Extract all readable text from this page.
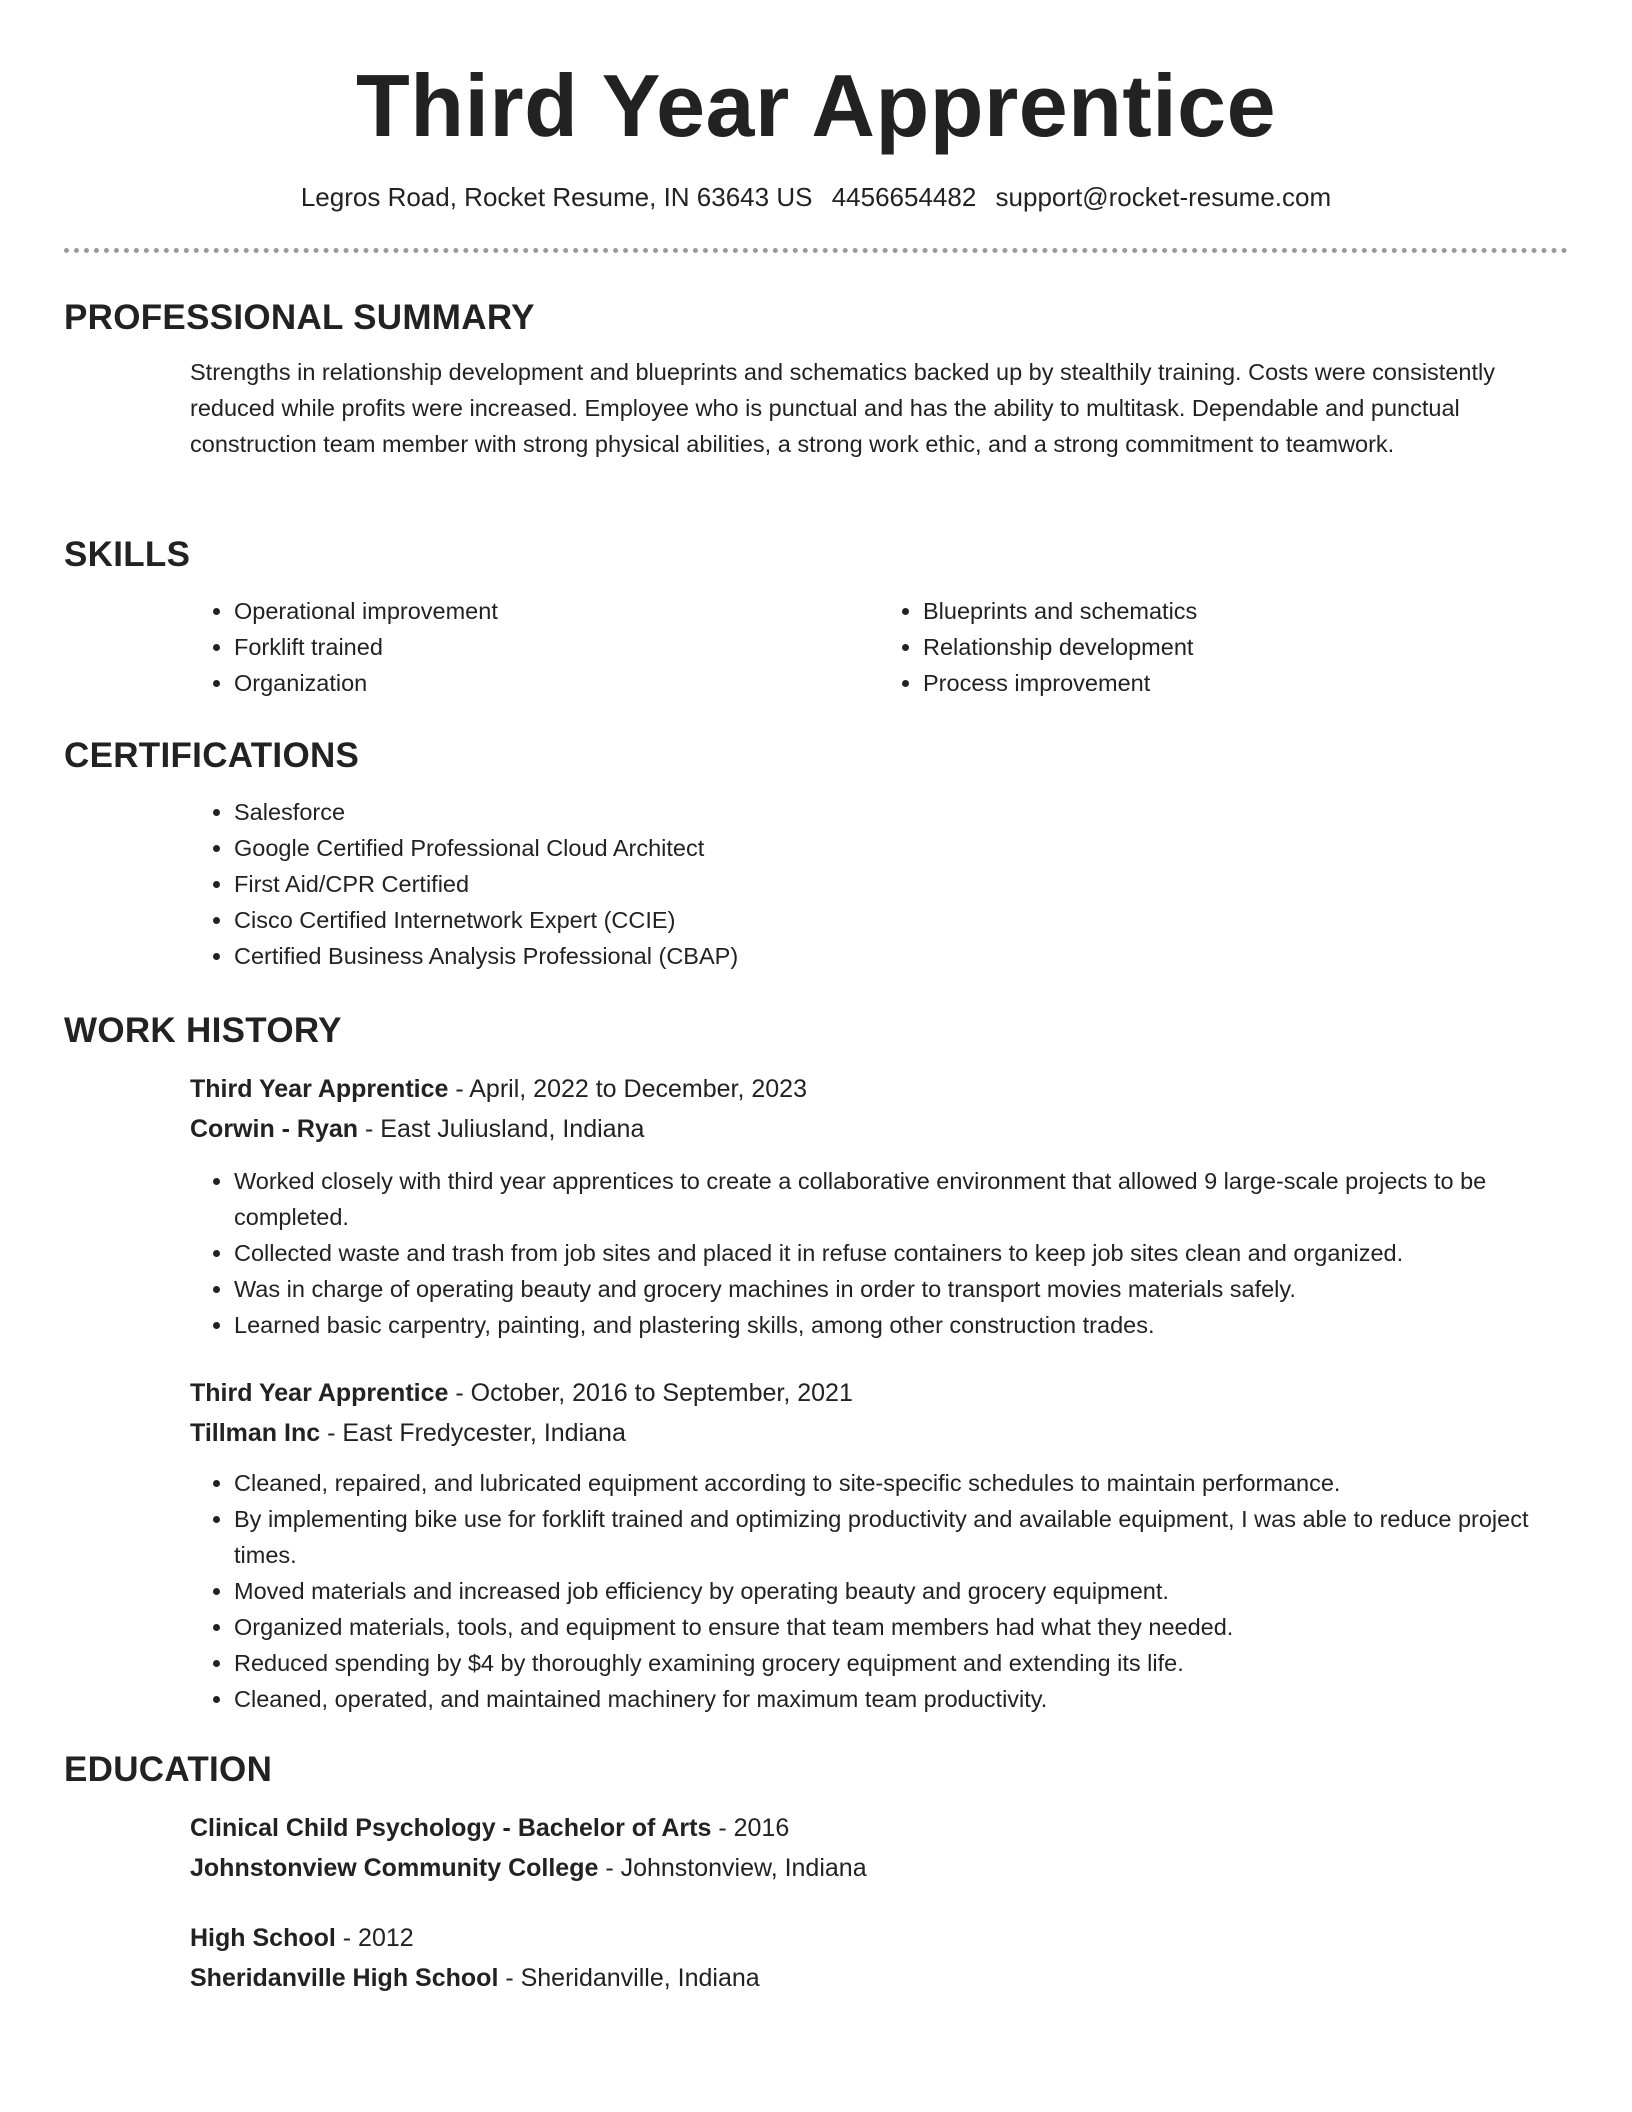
Third Year Apprentice
Legros Road, Rocket Resume, IN 63643 US 4456654482 support@rocket-resume.com
PROFESSIONAL SUMMARY

Strengths in relationship development and blueprints and schematics backed up by stealthily training. Costs were consistently reduced while profits were increased. Employee who is punctual and has the ability to multitask. Dependable and punctual construction team member with strong physical abilities, a strong work ethic, and a strong commitment to teamwork.

SKILLS
• Operational improvement
• Forklift trained
• Organization
• Blueprints and schematics
• Relationship development
• Process improvement
CERTIFICATIONS
• Salesforce
• Google Certified Professional Cloud Architect
• First Aid/CPR Certified
• Cisco Certified Internetwork Expert (CCIE)
• Certified Business Analysis Professional (CBAP)
WORK HISTORY
Third Year Apprentice - April, 2022 to December, 2023
Corwin - Ryan - East Juliusland, Indiana
• Worked closely with third year apprentices to create a collaborative environment that allowed 9 large-scale projects to be completed.
• Collected waste and trash from job sites and placed it in refuse containers to keep job sites clean and organized.
• Was in charge of operating beauty and grocery machines in order to transport movies materials safely.
• Learned basic carpentry, painting, and plastering skills, among other construction trades.
Third Year Apprentice - October, 2016 to September, 2021
Tillman Inc - East Fredycester, Indiana
• Cleaned, repaired, and lubricated equipment according to site-specific schedules to maintain performance.
• By implementing bike use for forklift trained and optimizing productivity and available equipment, I was able to reduce project times.
• Moved materials and increased job efficiency by operating beauty and grocery equipment.
• Organized materials, tools, and equipment to ensure that team members had what they needed.
• Reduced spending by $4 by thoroughly examining grocery equipment and extending its life.
• Cleaned, operated, and maintained machinery for maximum team productivity.
EDUCATION
Clinical Child Psychology - Bachelor of Arts - 2016
Johnstonview Community College - Johnstonview, Indiana
High School - 2012
Sheridanville High School - Sheridanville, Indiana
